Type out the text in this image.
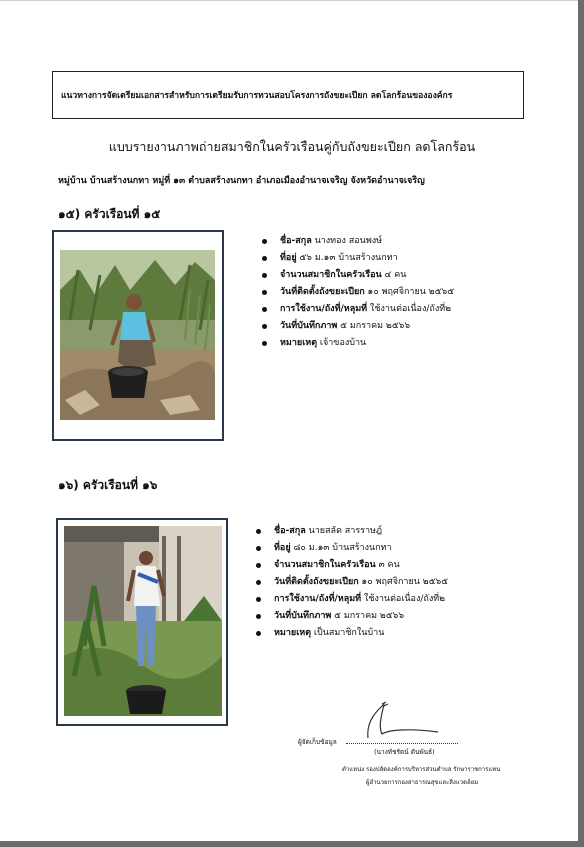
แนวทางการจัดเตรียมเอกสารสำหรับการเตรียมรับการทวนสอบโครงการถังขยะเปียก ลดโลกร้อนขององค์กร
แบบรายงานภาพถ่ายสมาชิกในครัวเรือนคู่กับถังขยะเปียก ลดโลกร้อน
หมู่บ้าน บ้านสร้างนกทา หมู่ที่ ๑๓ ตำบลสร้างนกทา อำเภอเมืองอำนาจเจริญ จังหวัดอำนาจเจริญ
๑๕) ครัวเรือนที่ ๑๕
ชื่อ-สกุล นางทอง สอนพงษ์
ที่อยู่ ๕๖ ม.๑๓ บ้านสร้างนกทา
จำนวนสมาชิกในครัวเรือน ๔ คน
วันที่ติดตั้งถังขยะเปียก ๑๐ พฤศจิกายน ๒๕๖๕
การใช้งาน/ถังที่/หลุมที่ ใช้งานต่อเนื่อง/ถังที่๒
วันที่บันทึกภาพ ๕ มกราคม ๒๕๖๖
หมายเหตุ เจ้าของบ้าน
๑๖) ครัวเรือนที่ ๑๖
ชื่อ-สกุล นายสลัด สารราษฎ์
ที่อยู่ ๘๐ ม.๑๓ บ้านสร้างนกทา
จำนวนสมาชิกในครัวเรือน ๓ คน
วันที่ติดตั้งถังขยะเปียก ๑๐ พฤศจิกายน ๒๕๖๕
การใช้งาน/ถังที่/หลุมที่ ใช้งานต่อเนื่อง/ถังที่๒
วันที่บันทึกภาพ ๕ มกราคม ๒๕๖๖
หมายเหตุ เป็นสมาชิกในบ้าน
ผู้จัดเก็บข้อมูล
(นางทัชรัตน์ ตันพันธ์)
ตำแหน่ง รองปลัดองค์การบริหารส่วนตำบล รักษาราชการแทน
ผู้อำนวยการกองสาธารณสุขและสิ่งแวดล้อม
